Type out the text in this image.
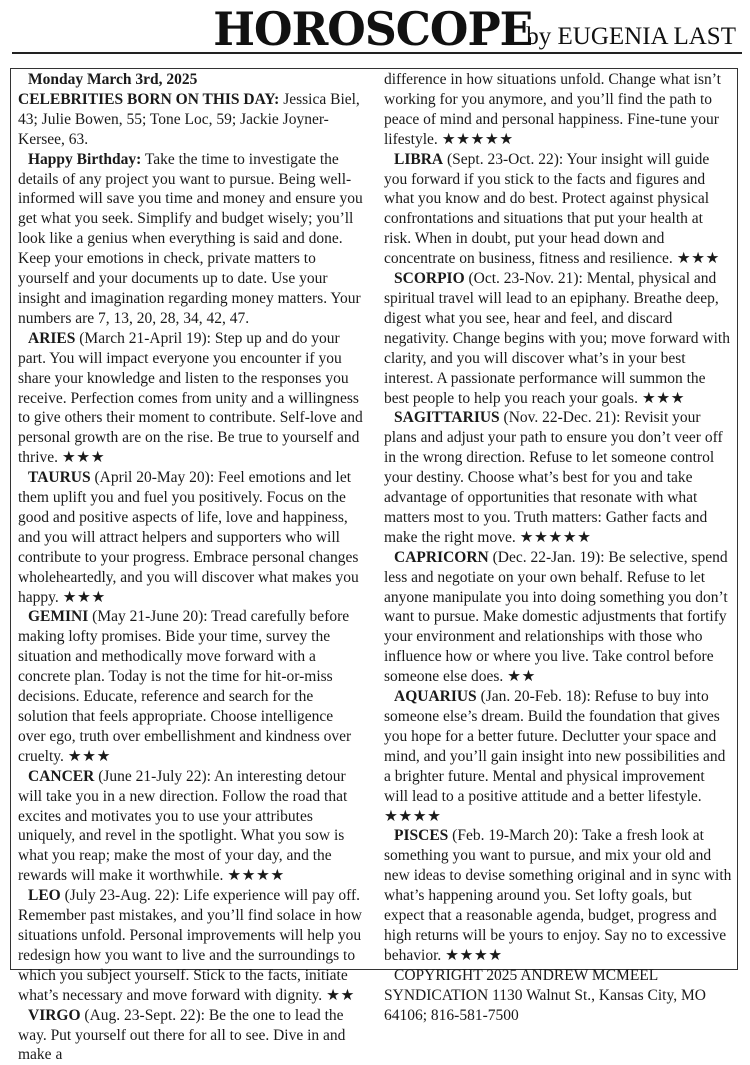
HOROSCOPE
by EUGENIA LAST

Monday March 3rd, 2025

CELEBRITIES BORN ON THIS DAY: Jessica Biel, 43; Julie Bowen, 55; Tone Loc, 59; Jackie Joyner-Kersee, 63.

Happy Birthday: Take the time to investigate the details of any project you want to pursue. Being well-informed will save you time and money and ensure you get what you seek. Simplify and budget wisely; you’ll look like a genius when everything is said and done. Keep your emotions in check, private matters to yourself and your documents up to date. Use your insight and imagination regarding money matters. Your numbers are 7, 13, 20, 28, 34, 42, 47.

ARIES (March 21-April 19): Step up and do your part. You will impact everyone you encounter if you share your knowledge and listen to the responses you receive. Perfection comes from unity and a willingness to give others their moment to contribute. Self-love and personal growth are on the rise. Be true to yourself and thrive. ★★★

TAURUS (April 20-May 20): Feel emotions and let them uplift you and fuel you positively. Focus on the good and positive aspects of life, love and happiness, and you will attract helpers and supporters who will contribute to your progress. Embrace personal changes wholeheartedly, and you will discover what makes you happy. ★★★

GEMINI (May 21-June 20): Tread carefully before making lofty promises. Bide your time, survey the situation and methodically move forward with a concrete plan. Today is not the time for hit-or-miss decisions. Educate, reference and search for the solution that feels appropriate. Choose intelligence over ego, truth over embellishment and kindness over cruelty. ★★★

CANCER (June 21-July 22): An interesting detour will take you in a new direction. Follow the road that excites and motivates you to use your attributes uniquely, and revel in the spotlight. What you sow is what you reap; make the most of your day, and the rewards will make it worthwhile. ★★★★

LEO (July 23-Aug. 22): Life experience will pay off. Remember past mistakes, and you’ll find solace in how situations unfold. Personal improvements will help you redesign how you want to live and the surroundings to which you subject yourself. Stick to the facts, initiate what’s necessary and move forward with dignity. ★★

VIRGO (Aug. 23-Sept. 22): Be the one to lead the way. Put yourself out there for all to see. Dive in and make a

difference in how situations unfold. Change what isn’t working for you anymore, and you’ll find the path to peace of mind and personal happiness. Fine-tune your lifestyle. ★★★★★

LIBRA (Sept. 23-Oct. 22): Your insight will guide you forward if you stick to the facts and figures and what you know and do best. Protect against physical confrontations and situations that put your health at risk. When in doubt, put your head down and concentrate on business, fitness and resilience. ★★★

SCORPIO (Oct. 23-Nov. 21): Mental, physical and spiritual travel will lead to an epiphany. Breathe deep, digest what you see, hear and feel, and discard negativity. Change begins with you; move forward with clarity, and you will discover what’s in your best interest. A passionate performance will summon the best people to help you reach your goals. ★★★

SAGITTARIUS (Nov. 22-Dec. 21): Revisit your plans and adjust your path to ensure you don’t veer off in the wrong direction. Refuse to let someone control your destiny. Choose what’s best for you and take advantage of opportunities that resonate with what matters most to you. Truth matters: Gather facts and make the right move. ★★★★★

CAPRICORN (Dec. 22-Jan. 19): Be selective, spend less and negotiate on your own behalf. Refuse to let anyone manipulate you into doing something you don’t want to pursue. Make domestic adjustments that fortify your environment and relationships with those who influence how or where you live. Take control before someone else does. ★★

AQUARIUS (Jan. 20-Feb. 18): Refuse to buy into someone else’s dream. Build the foundation that gives you hope for a better future. Declutter your space and mind, and you’ll gain insight into new possibilities and a brighter future. Mental and physical improvement will lead to a positive attitude and a better lifestyle. ★★★★

PISCES (Feb. 19-March 20): Take a fresh look at something you want to pursue, and mix your old and new ideas to devise something original and in sync with what’s happening around you. Set lofty goals, but expect that a reasonable agenda, budget, progress and high returns will be yours to enjoy. Say no to excessive behavior. ★★★★

COPYRIGHT 2025 ANDREW MCMEEL SYNDICATION 1130 Walnut St., Kansas City, MO 64106; 816-581-7500
